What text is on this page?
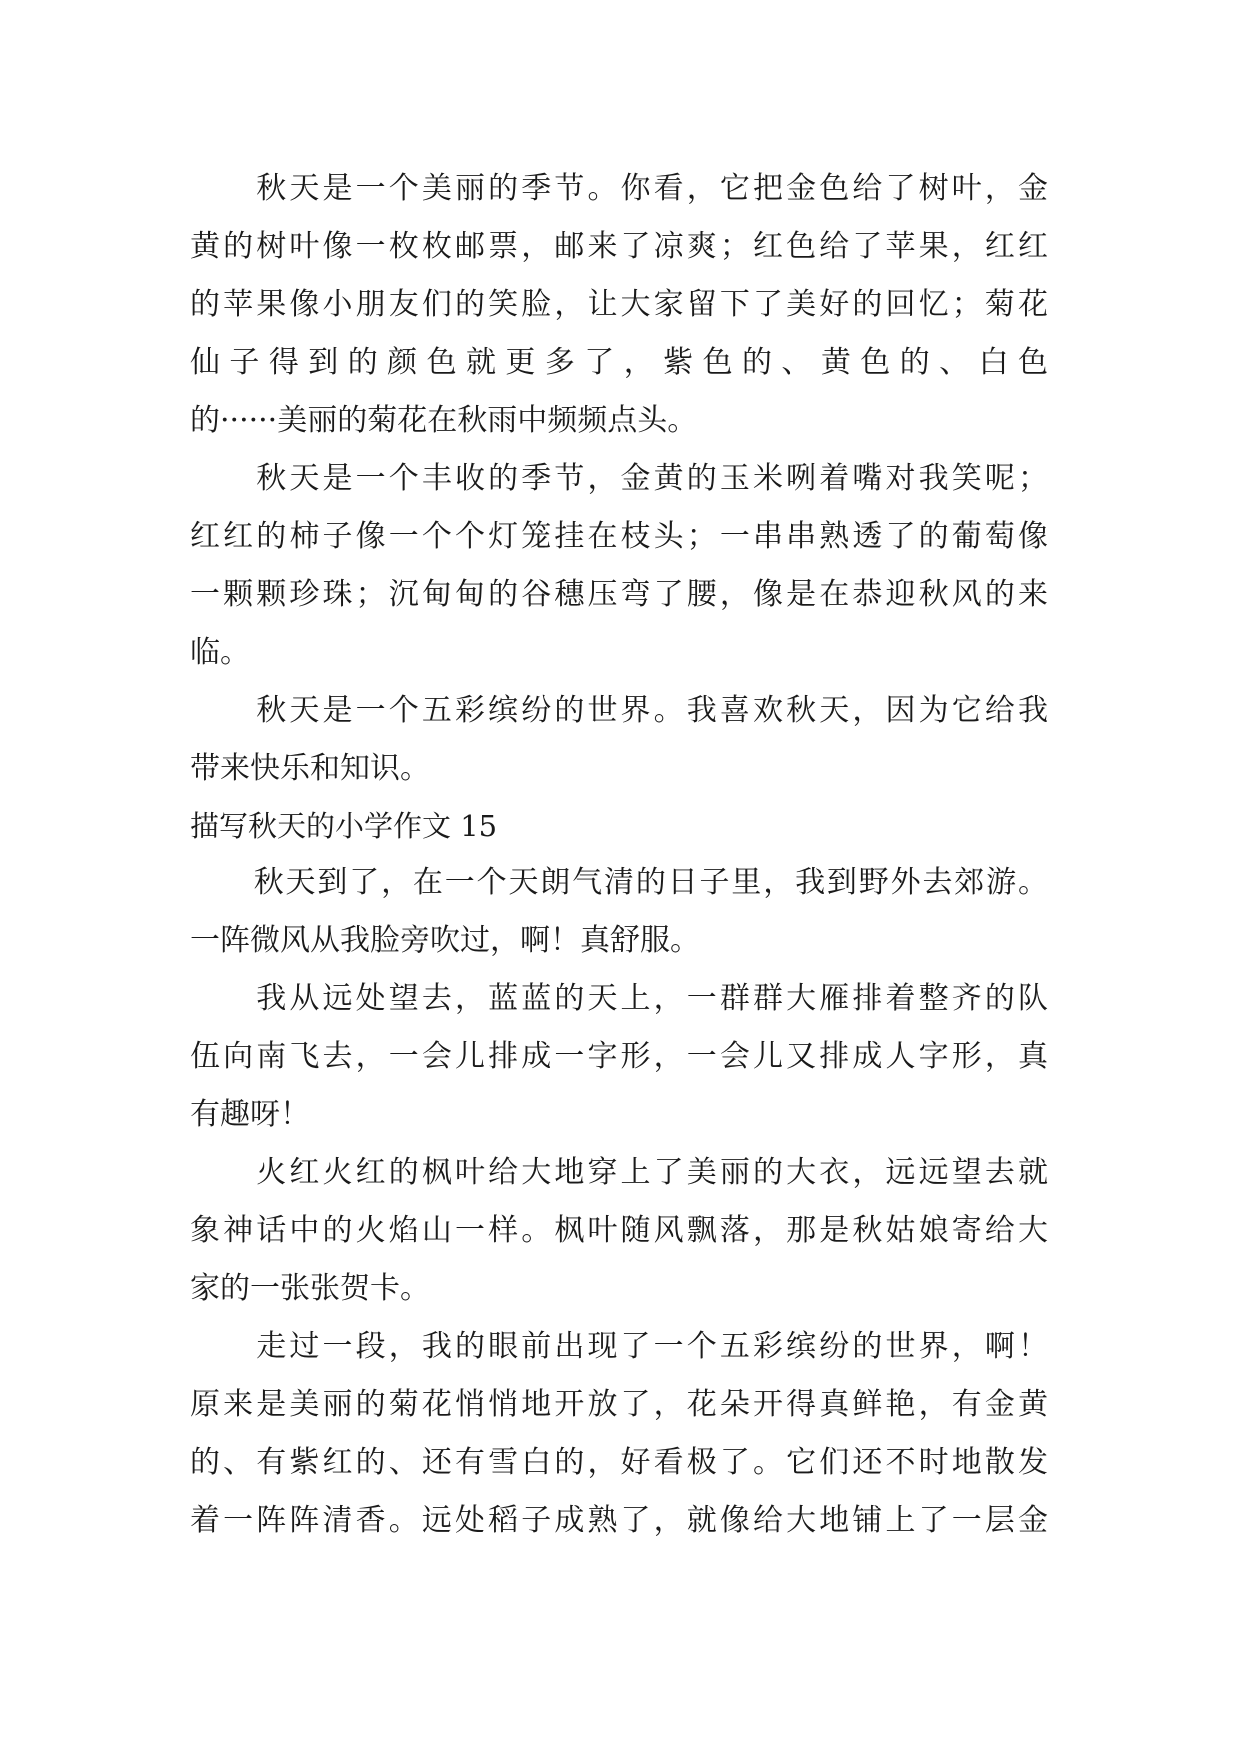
　　秋天是一个美丽的季节。你看，它把金色给了树叶，金
黄的树叶像一枚枚邮票，邮来了凉爽；红色给了苹果，红红
的苹果像小朋友们的笑脸，让大家留下了美好的回忆；菊花
仙子得到的颜色就更多了，紫色的、黄色的、白色
的······美丽的菊花在秋雨中频频点头。
　　秋天是一个丰收的季节，金黄的玉米咧着嘴对我笑呢；
红红的柿子像一个个灯笼挂在枝头；一串串熟透了的葡萄像
一颗颗珍珠；沉甸甸的谷穗压弯了腰，像是在恭迎秋风的来
临。
　　秋天是一个五彩缤纷的世界。我喜欢秋天，因为它给我
带来快乐和知识。
描写秋天的小学作文 15
　　秋天到了，在一个天朗气清的日子里，我到野外去郊游。
一阵微风从我脸旁吹过，啊！真舒服。
　　我从远处望去，蓝蓝的天上，一群群大雁排着整齐的队
伍向南飞去，一会儿排成一字形，一会儿又排成人字形，真
有趣呀！
　　火红火红的枫叶给大地穿上了美丽的大衣，远远望去就
象神话中的火焰山一样。枫叶随风飘落，那是秋姑娘寄给大
家的一张张贺卡。
　　走过一段，我的眼前出现了一个五彩缤纷的世界，啊！
原来是美丽的菊花悄悄地开放了，花朵开得真鲜艳，有金黄
的、有紫红的、还有雪白的，好看极了。它们还不时地散发
着一阵阵清香。远处稻子成熟了，就像给大地铺上了一层金
